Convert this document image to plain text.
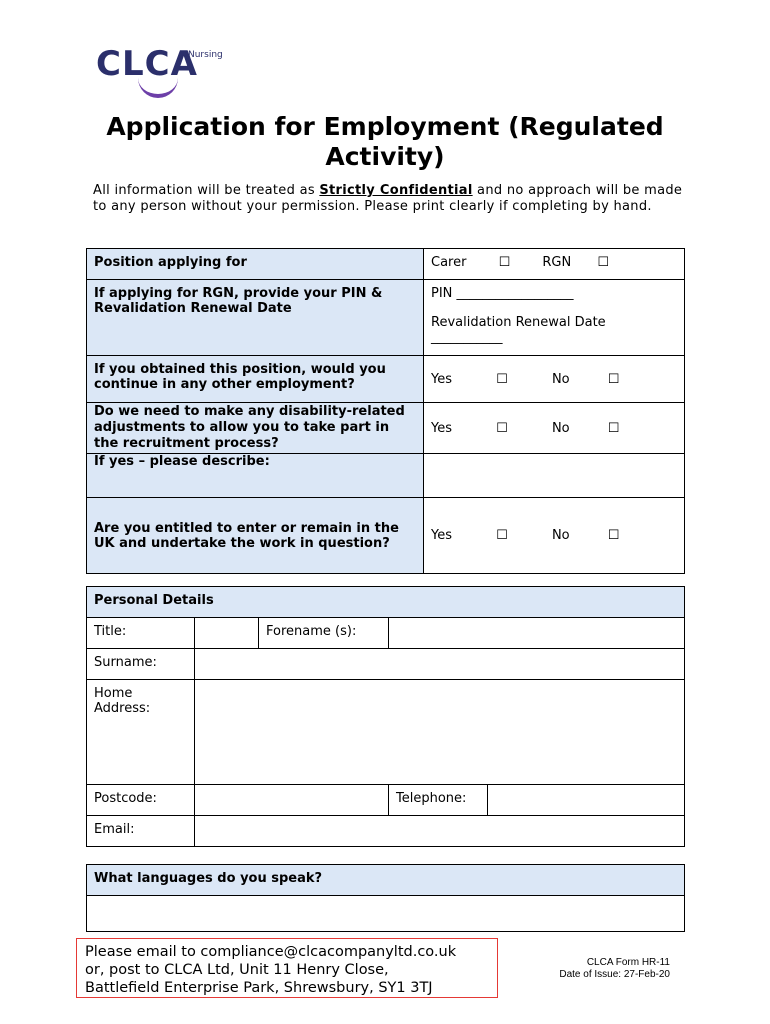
CLCA
Nursing
Application for Employment (Regulated Activity)
All information will be treated as Strictly Confidential and no approach will be made to any person without your permission. Please print clearly if completing by hand.
Position applying for	Carer ☐ RGN ☐
If applying for RGN, provide your PIN & Revalidation Renewal Date	PIN __________________
Revalidation Renewal Date ___________

If you obtained this position, would you continue in any other employment?	Yes ☐ No ☐
Do we need to make any disability-related adjustments to allow you to take part in the recruitment process?	Yes ☐ No ☐
If yes – please describe:	
Are you entitled to enter or remain in the UK and undertake the work in question?	Yes ☐ No ☐
Personal Details				
Title:		Forename (s):		
Surname:				
Home Address:				
Postcode:			Telephone:	
Email:				
What languages do you speak?

Please email to compliance@clcacompanyltd.co.uk
or, post to CLCA Ltd, Unit 11 Henry Close,
Battlefield Enterprise Park, Shrewsbury, SY1 3TJ
CLCA Form HR-11
Date of Issue: 27-Feb-20
